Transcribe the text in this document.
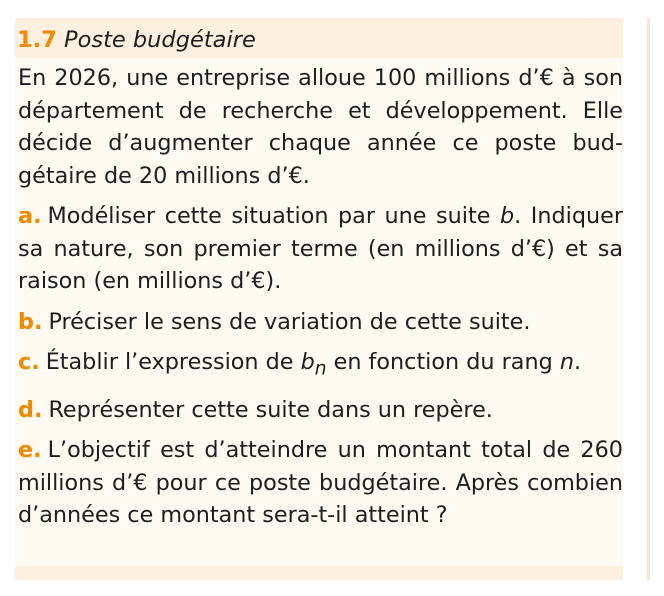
1.7 Poste budgétaire

En 2026, une entreprise alloue 100 millions d’€ à son département de recherche et développement. Elle décide d’augmenter chaque année ce poste budgétaire de 20 millions d’€.

a. Modéliser cette situation par une suite b. Indiquer sa nature, son premier terme (en millions d’€) et sa raison (en millions d’€).

b. Préciser le sens de variation de cette suite.

c. Établir l’expression de $b_n$ en fonction du rang n.

d. Représenter cette suite dans un repère.

e. L’objectif est d’atteindre un montant total de 260 millions d’€ pour ce poste budgétaire. Après combien d’années ce montant sera-t-il atteint ?
